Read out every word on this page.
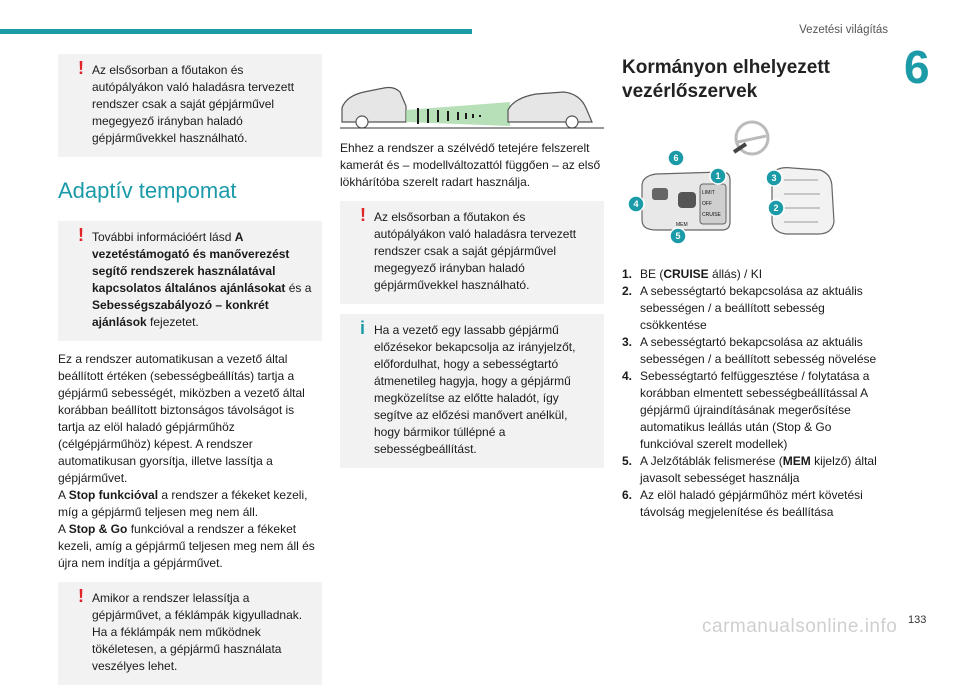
Vezetési világítás
6
! Az elsősorban a főutakon és autópályákon való haladásra tervezett rendszer csak a saját gépjárművel megegyező irányban haladó gépjárművekkel használható.

Adaptív tempomat
! További információért lásd A vezetéstámogató és manőverezést segítő rendszerek használatával kapcsolatos általános ajánlásokat és a Sebességszabályozó – konkrét ajánlások fejezetet.

Ez a rendszer automatikusan a vezető által beállított értéken (sebességbeállítás) tartja a gépjármű sebességét, miközben a vezető által korábban beállított biztonságos távolságot is tartja az elöl haladó gépjárműhöz (célgépjárműhöz) képest. A rendszer automatikusan gyorsítja, illetve lassítja a gépjárművet.

A Stop funkcióval a rendszer a fékeket kezeli, míg a gépjármű teljesen meg nem áll.

A Stop & Go funkcióval a rendszer a fékeket kezeli, amíg a gépjármű teljesen meg nem áll és újra nem indítja a gépjárművet.

! Amikor a rendszer lelassítja a gépjárművet, a féklámpák kigyulladnak. Ha a féklámpák nem működnek tökéletesen, a gépjármű használata veszélyes lehet.

Ehhez a rendszer a szélvédő tetejére felszerelt kamerát és – modellváltozattól függően – az első lökhárítóba szerelt radart használja.

! Az elsősorban a főutakon és autópályákon való haladásra tervezett rendszer csak a saját gépjárművel megegyező irányban haladó gépjárművekkel használható.

i Ha a vezető egy lassabb gépjármű előzésekor bekapcsolja az irányjelzőt, előfordulhat, hogy a sebességtartó átmenetileg hagyja, hogy a gépjármű megközelítse az előtte haladót, így segítve az előzési manővert anélkül, hogy bármikor túllépné a sebességbeállítást.

Kormányon elhelyezett vezérlőszervek
LIMIT
OFF
CRUISE
MEM
1
2
3
4
5
6
1. BE (CRUISE állás) / KI
2. A sebességtartó bekapcsolása az aktuális sebességen / a beállított sebesség csökkentése
3. A sebességtartó bekapcsolása az aktuális sebességen / a beállított sebesség növelése
4. Sebességtartó felfüggesztése / folytatása a korábban elmentett sebességbeállítással A gépjármű újraindításának megerősítése automatikus leállás után (Stop & Go funkcióval szerelt modellek)
5. A Jelzőtáblák felismerése (MEM kijelző) által javasolt sebességet használja
6. Az elöl haladó gépjárműhöz mért követési távolság megjelenítése és beállítása
carmanualsonline.info 133
